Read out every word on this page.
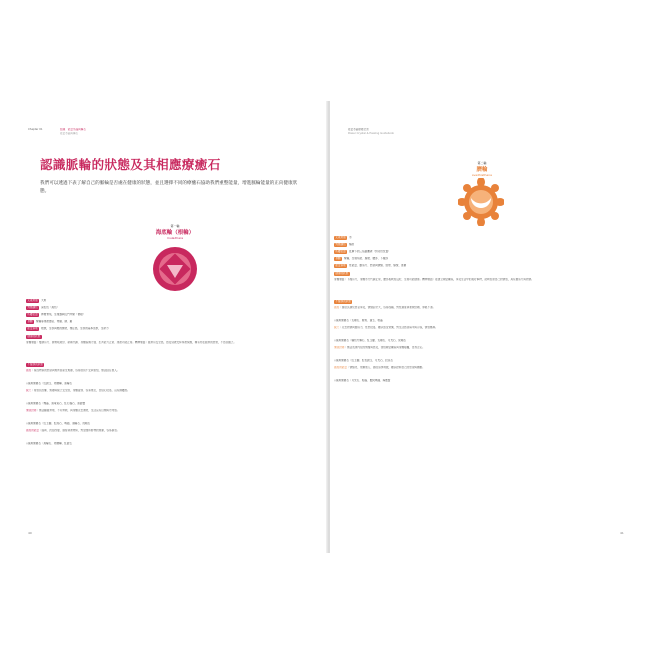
Chapter 01	認識　能量水晶與礦石
能量水晶與礦石
認識脈輪的狀態及其相應療癒石
我們可以透過下表了解自己的脈輪是否處在健康的狀態，並且選擇不同的療癒石協助我們重整能量，增進脈輪能量的正向健康狀態。
第一輪
海底輪（根輪）
muladhara
元素象徵	大地
對應顏色	深紅色（黑色）
所屬位置	脊椎骨尾，生殖器與肛門中間（會陰）
身體	腎臟等排泄器官、骨骼、腿、腳
能量質地	根源，生存與根的連結，穩定感，生存的基本需求，生命力
健康的狀態
身體層面｜雙腿有力、腸胃吸收好、新陳代謝、身體協調力強、生育能力正常、排泄功能正常。精神層面｜踏實有安全感，感受到被支持和被保護，擁有內在踏實的感覺，不感到匱乏。
不健康的狀態
過度｜易因物質的慾望與現實而產生焦慮，容易感到不安與害怕，無法信任他人。
◇適用療癒石｜紅碧玉、赤鐵礦、黑曜石
缺乏｜常感到恐懼、焦慮與缺乏安全感，身體虛弱、容易倦怠，自信心低落，沒有歸屬感。
◇適用療癒石｜煙晶、黑電氣石、紅石榴石、黑碧璽
遭到封閉｜無法腳踏實地、不切實際，與身體失去連結，生活沒有目標與方向感。
◇適用療癒石｜紅玉髓、紅紋石、瑪瑙、黑曜石、虎眼石
過度的能量｜固執、抗拒改變、過度執著物質，對金錢和財物的焦慮，容易暴怒。
◇適用療癒石｜黑曜石、赤鐵礦、紅碧玉
40
能量水晶療癒全書
Power Crystal & Healing Guidebook
第二輪
臍輪
svadhisthana
元素象徵	水
對應顏色	橘色
所屬位置	肚臍下的三指距離處（約丹田位置）
身體	腎臟、生殖系統、膀胱、腰部、下腹部
能量質地	性能量、創造力、慾望與情緒、感覺、愉悅、喜樂
健康的狀態
身體層面｜下腹有力，身體水分代謝正常，腰部柔軟度良好，生殖功能健康。精神層面｜能建立親密關係，享受生活中的美好事物，能夠表達自己的情感，具有創造力與熱情。
不健康的狀態
過度｜過度沉溺於感官享受，情緒起伏大，容易成癮，對性過度執著或依賴，界限不清。
◇適用療癒石｜太陽石、琥珀、黃玉、粉晶
缺乏｜失去熱情與創造力，性慾低落，難以感受快樂，對生活感到麻木與冷漠，情感壓抑。
◇適用療癒石｜橘色方解石、紅玉髓、太陽石、月光石、虎眼石
遭到封閉｜無法表達內在的情緒與感受，害怕親密關係與身體接觸，自我否定。
◇適用療癒石｜紅玉髓、紅色碧玉、月光石、拉長石
過度的能量｜情緒化、依賴他人、過度追求刺激，難以控制自己的慾望與衝動。
◇適用療癒石｜月光石、粉晶、藍紋瑪瑙、海藍寶
41
